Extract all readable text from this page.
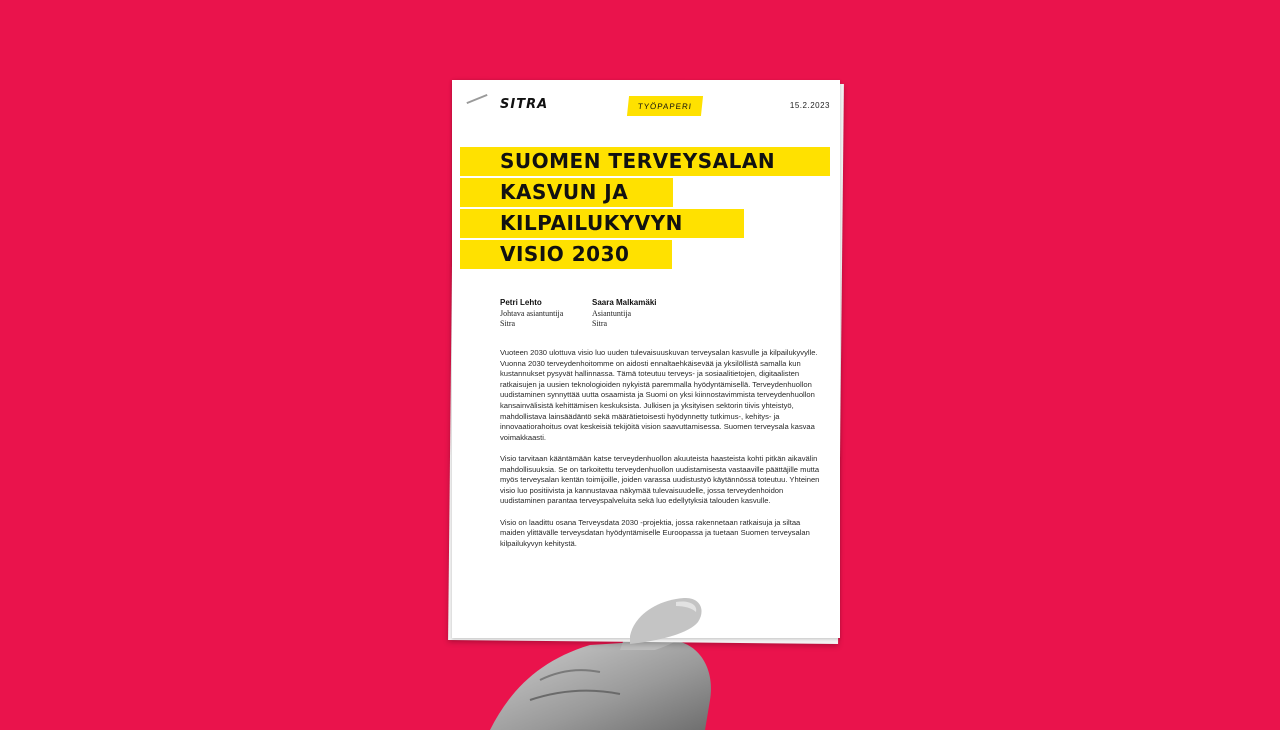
SITRA	TYÖPAPERI	15.2.2023
SUOMEN TERVEYSALAN
KASVUN JA
KILPAILUKYVYN
VISIO 2030
Petri Lehto
Johtava asiantuntija
Sitra
Saara Malkamäki
Asiantuntija
Sitra

Vuoteen 2030 ulottuva visio luo uuden tulevaisuuskuvan terveysalan kasvulle ja kilpailukyvylle. Vuonna 2030 terveydenhoitomme on aidosti ennaltaehkäisevää ja yksilöllistä samalla kun kustannukset pysyvät hallinnassa. Tämä toteutuu terveys- ja sosiaalitietojen, digitaalisten ratkaisujen ja uusien teknologioiden nykyistä paremmalla hyödyntämisellä. Terveydenhuollon uudistaminen synnyttää uutta osaamista ja Suomi on yksi kiinnostavimmista terveydenhuollon kansainvälisistä kehittämisen keskuksista. Julkisen ja yksityisen sektorin tiivis yhteistyö, mahdollistava lainsäädäntö sekä määrätietoisesti hyödynnetty tutkimus-, kehitys- ja innovaatiorahoitus ovat keskeisiä tekijöitä vision saavuttamisessa. Suomen terveysala kasvaa voimakkaasti.

Visio tarvitaan kääntämään katse terveydenhuollon akuuteista haasteista kohti pitkän aikavälin mahdollisuuksia. Se on tarkoitettu terveydenhuollon uudistamisesta vastaaville päättäjille mutta myös terveysalan kentän toimijoille, joiden varassa uudistustyö käytännössä toteutuu. Yhteinen visio luo positiivista ja kannustavaa näkymää tulevaisuudelle, jossa terveydenhoidon uudistaminen parantaa terveyspalveluita sekä luo edellytyksiä talouden kasvulle.

Visio on laadittu osana Terveysdata 2030 -projektia, jossa rakennetaan ratkaisuja ja siltaa maiden ylittävälle terveysdatan hyödyntämiselle Euroopassa ja tuetaan Suomen terveysalan kilpailukyvyn kehitystä.
